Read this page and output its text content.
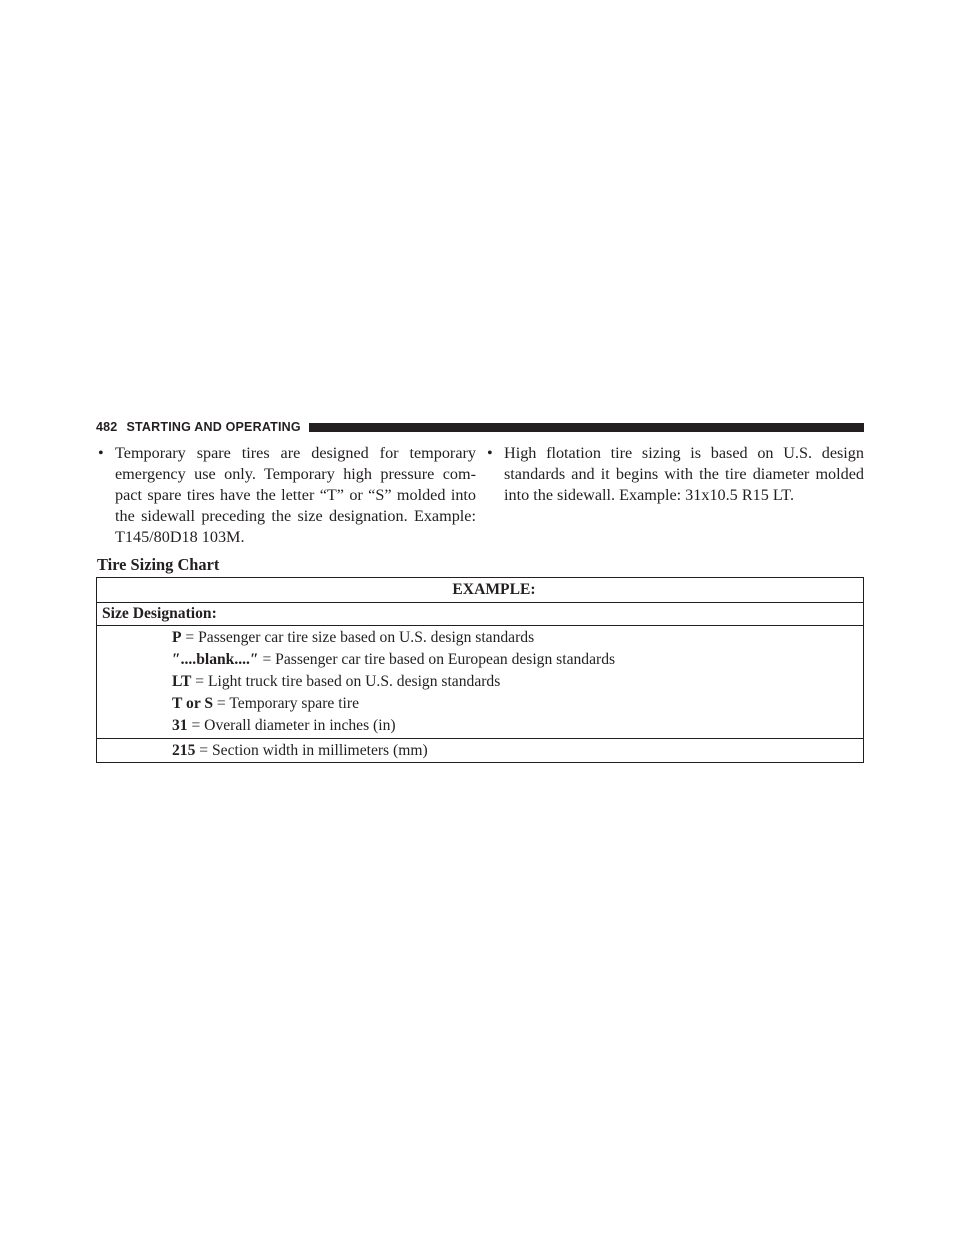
482 STARTING AND OPERATING
• Temporary spare tires are designed for temporary emergency use only. Temporary high pressure com-pact spare tires have the letter “T” or “S” molded into the sidewall preceding the size designation. Example: T145/80D18 103M.
• High flotation tire sizing is based on U.S. design standards and it begins with the tire diameter molded into the sidewall. Example: 31x10.5 R15 LT.
Tire Sizing Chart
EXAMPLE:
Size Designation:

P = Passenger car tire size based on U.S. design standards
″....blank....″ = Passenger car tire based on European design standards
LT = Light truck tire based on U.S. design standards
T or S = Temporary spare tire
31 = Overall diameter in inches (in)

215 = Section width in millimeters (mm)
